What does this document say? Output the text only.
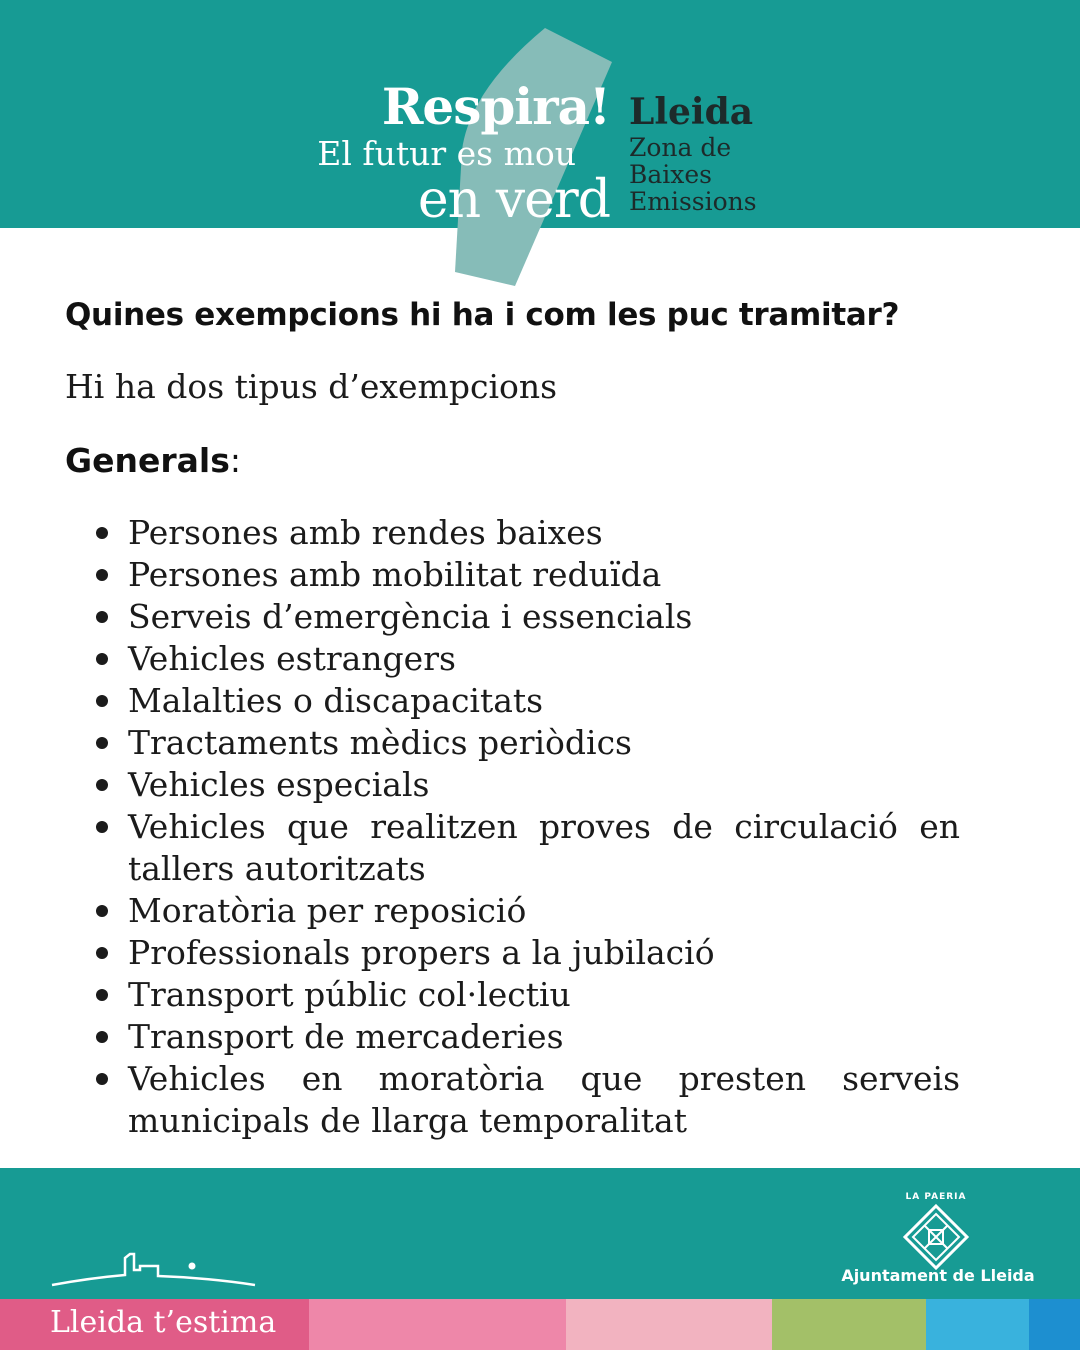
Respira!
El futur es mou
en verd
Lleida
Zona de
Baixes
Emissions
Quines exempcions hi ha i com les puc tramitar?
Hi ha dos tipus d’exempcions
Generals:
Persones amb rendes baixes
Persones amb mobilitat reduïda
Serveis d’emergència i essencials
Vehicles estrangers
Malalties o discapacitats
Tractaments mèdics periòdics
Vehicles especials
Vehicles que realitzen proves de circulació en tallers autoritzats
Moratòria per reposició
Professionals propers a la jubilació
Transport públic col·lectiu
Transport de mercaderies
Vehicles en moratòria que presten serveis municipals de llarga temporalitat
LA PAERIA
Ajuntament de Lleida
Lleida t’estima
